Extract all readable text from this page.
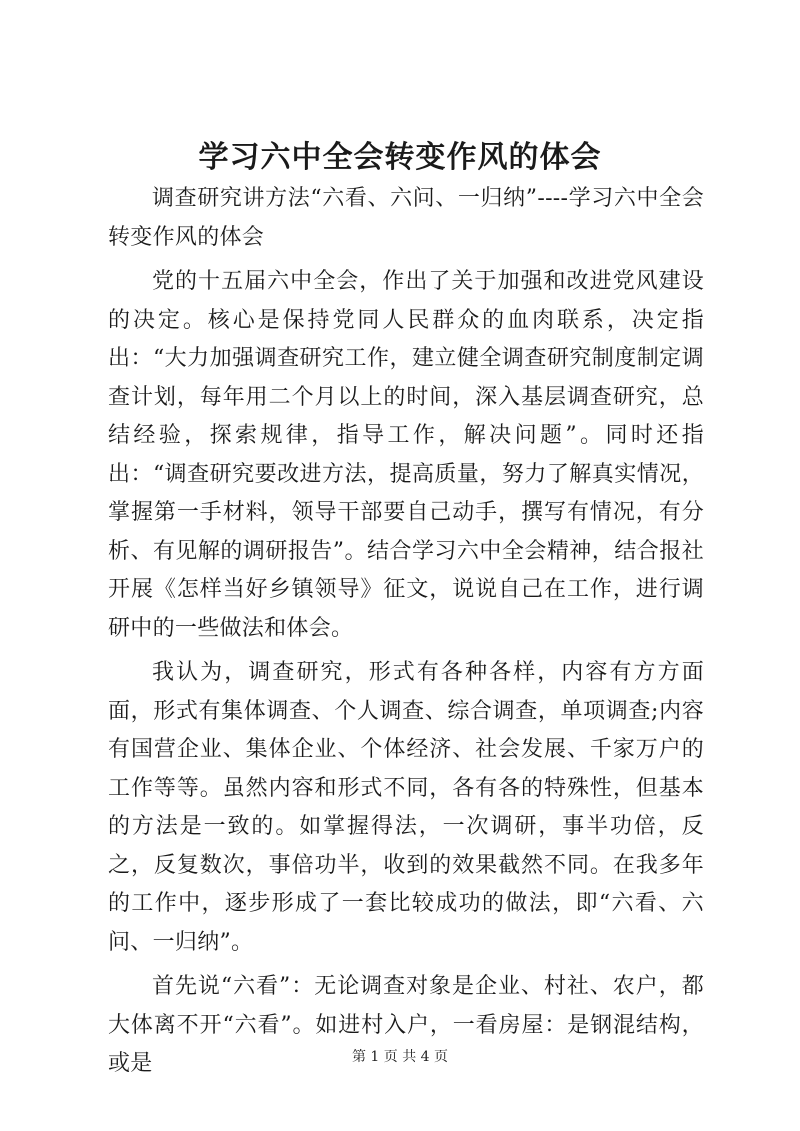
学习六中全会转变作风的体会

调查研究讲方法“六看、六问、一归纳”----学习六中全会转变作风的体会

党的十五届六中全会，作出了关于加强和改进党风建设的决定。核心是保持党同人民群众的血肉联系，决定指出：“大力加强调查研究工作，建立健全调查研究制度制定调查计划，每年用二个月以上的时间，深入基层调查研究，总结经验，探索规律，指导工作，解决问题”。同时还指出：“调查研究要改进方法，提高质量，努力了解真实情况，掌握第一手材料，领导干部要自己动手，撰写有情况，有分析、有见解的调研报告”。结合学习六中全会精神，结合报社开展《怎样当好乡镇领导》征文，说说自己在工作，进行调研中的一些做法和体会。

我认为，调查研究，形式有各种各样，内容有方方面面，形式有集体调查、个人调查、综合调查，单项调查;内容有国营企业、集体企业、个体经济、社会发展、千家万户的工作等等。虽然内容和形式不同，各有各的特殊性，但基本的方法是一致的。如掌握得法，一次调研，事半功倍，反之，反复数次，事倍功半，收到的效果截然不同。在我多年的工作中，逐步形成了一套比较成功的做法，即“六看、六问、一归纳”。

首先说“六看”：无论调查对象是企业、村社、农户，都大体离不开“六看”。如进村入户，一看房屋：是钢混结构，或是	第 1 页 共 4 页
